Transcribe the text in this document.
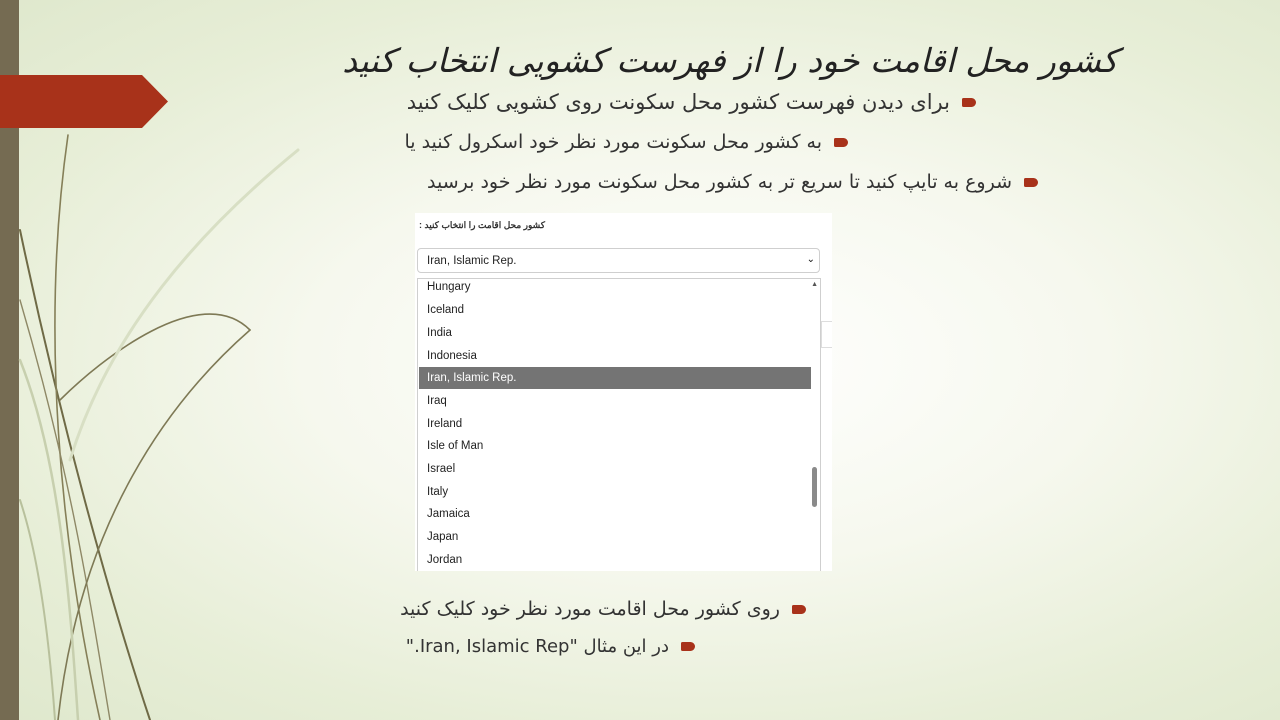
کشور محل اقامت خود را از فهرست کشویی انتخاب کنید
برای دیدن فهرست کشور محل سکونت روی کشویی کلیک کنید
به کشور محل سکونت مورد نظر خود اسکرول کنید یا
شروع به تایپ کنید تا سریع تر به کشور محل سکونت مورد نظر خود برسید
کشور محل اقامت را انتخاب کنید :
Iran, Islamic Rep.	⌄
Hungary
Iceland
India
Indonesia
Iran, Islamic Rep.
Iraq
Ireland
Isle of Man
Israel
Italy
Jamaica
Japan
Jordan
▲
روی کشور محل اقامت مورد نظر خود کلیک کنید
در این مثال "Iran, Islamic Rep."
